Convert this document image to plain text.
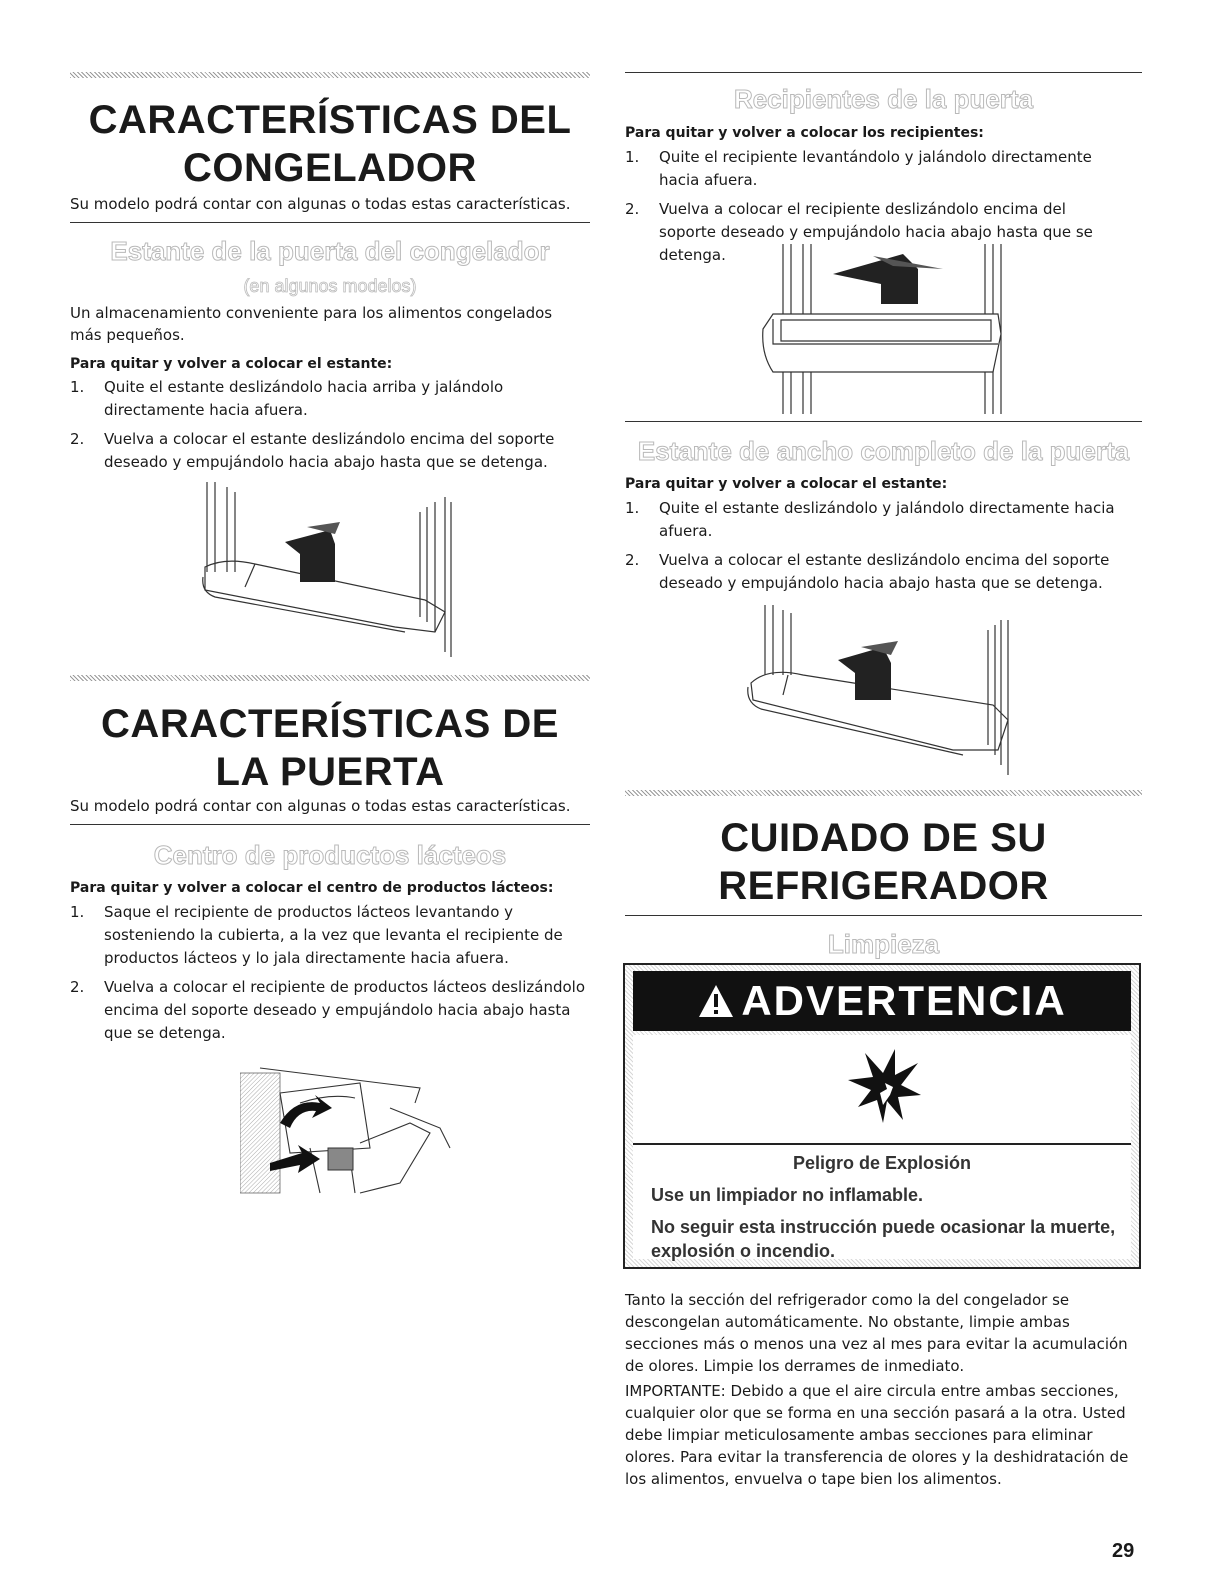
CARACTERÍSTICAS DEL
CONGELADOR

Su modelo podrá contar con algunas o todas estas características.

Estante de la puerta del congelador
(en algunos modelos)

Un almacenamiento conveniente para los alimentos congelados más pequeños.

Para quitar y volver a colocar el estante:

1. Quite el estante deslizándolo hacia arriba y jalándolo directamente hacia afuera.
2. Vuelva a colocar el estante deslizándolo encima del soporte deseado y empujándolo hacia abajo hasta que se detenga.
CARACTERÍSTICAS DE
LA PUERTA

Su modelo podrá contar con algunas o todas estas características.

Centro de productos lácteos

Para quitar y volver a colocar el centro de productos lácteos:

1. Saque el recipiente de productos lácteos levantando y sosteniendo la cubierta, a la vez que levanta el recipiente de productos lácteos y lo jala directamente hacia afuera.
2. Vuelva a colocar el recipiente de productos lácteos deslizándolo encima del soporte deseado y empujándolo hacia abajo hasta que se detenga.
Recipientes de la puerta

Para quitar y volver a colocar los recipientes:

1. Quite el recipiente levantándolo y jalándolo directamente hacia afuera.
2. Vuelva a colocar el recipiente deslizándolo encima del soporte deseado y empujándolo hacia abajo hasta que se detenga.
Estante de ancho completo de la puerta

Para quitar y volver a colocar el estante:

1. Quite el estante deslizándolo y jalándolo directamente hacia afuera.
2. Vuelva a colocar el estante deslizándolo encima del soporte deseado y empujándolo hacia abajo hasta que se detenga.
CUIDADO DE SU
REFRIGERADOR
Limpieza

Tanto la sección del refrigerador como la del congelador se descongelan automáticamente. No obstante, limpie ambas secciones más o menos una vez al mes para evitar la acumulación de olores. Limpie los derrames de inmediato.

IMPORTANTE: Debido a que el aire circula entre ambas secciones, cualquier olor que se forma en una sección pasará a la otra. Usted debe limpiar meticulosamente ambas secciones para eliminar olores. Para evitar la transferencia de olores y la deshidratación de los alimentos, envuelva o tape bien los alimentos.

ADVERTENCIA
Peligro de Explosión
Use un limpiador no inflamable.
No seguir esta instrucción puede ocasionar la muerte, explosión o incendio.
29
